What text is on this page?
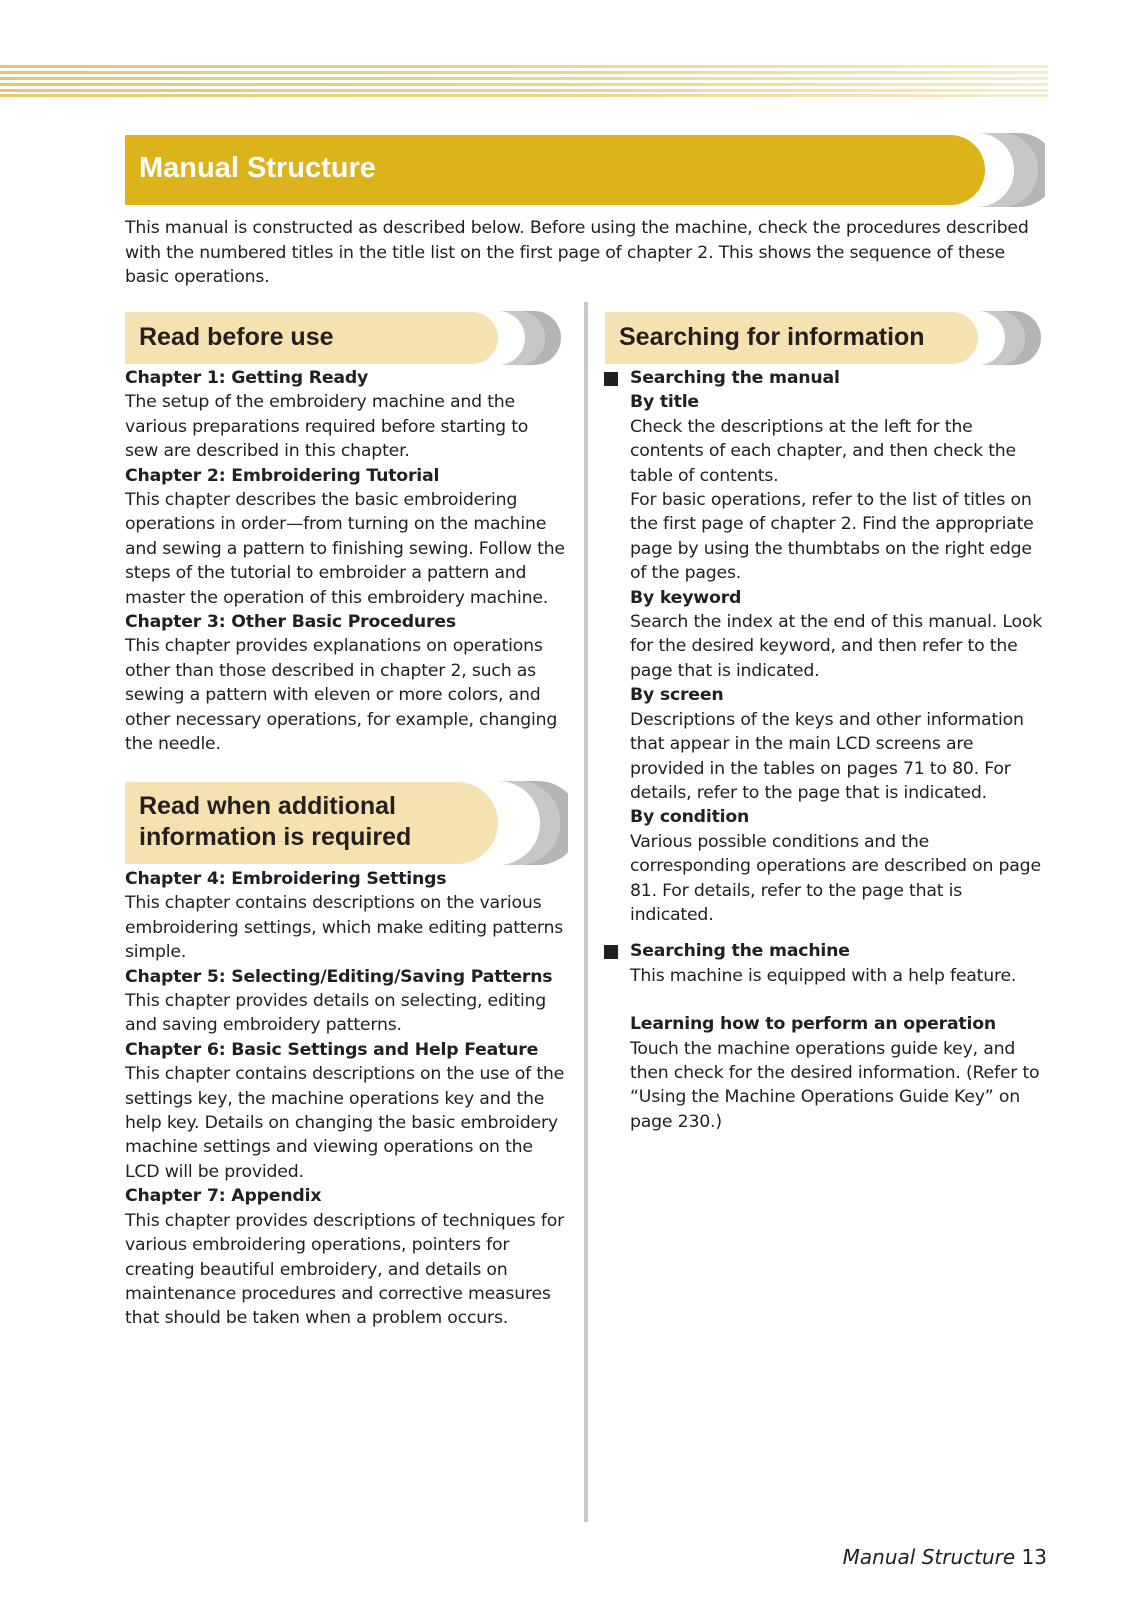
Manual Structure

This manual is constructed as described below. Before using the machine, check the procedures described with the numbered titles in the title list on the first page of chapter 2. This shows the sequence of these basic operations.

Read before use

Chapter 1: Getting Ready

The setup of the embroidery machine and the various preparations required before starting to sew are described in this chapter.

Chapter 2: Embroidering Tutorial

This chapter describes the basic embroidering operations in order—from turning on the machine and sewing a pattern to finishing sewing. Follow the steps of the tutorial to embroider a pattern and master the operation of this embroidery machine.

Chapter 3: Other Basic Procedures

This chapter provides explanations on operations other than those described in chapter 2, such as sewing a pattern with eleven or more colors, and other necessary operations, for example, changing the needle.

Read when additional
information is required

Chapter 4: Embroidering Settings

This chapter contains descriptions on the various embroidering settings, which make editing patterns simple.

Chapter 5: Selecting/Editing/Saving Patterns

This chapter provides details on selecting, editing and saving embroidery patterns.

Chapter 6: Basic Settings and Help Feature

This chapter contains descriptions on the use of the settings key, the machine operations key and the help key. Details on changing the basic embroidery machine settings and viewing operations on the LCD will be provided.

Chapter 7: Appendix

This chapter provides descriptions of techniques for various embroidering operations, pointers for creating beautiful embroidery, and details on maintenance procedures and corrective measures that should be taken when a problem occurs.

Searching for information

Searching the manual

By title

Check the descriptions at the left for the contents of each chapter, and then check the table of contents.

For basic operations, refer to the list of titles on the first page of chapter 2. Find the appropriate page by using the thumbtabs on the right edge of the pages.

By keyword

Search the index at the end of this manual. Look for the desired keyword, and then refer to the page that is indicated.

By screen

Descriptions of the keys and other information that appear in the main LCD screens are provided in the tables on pages 71 to 80. For details, refer to the page that is indicated.

By condition

Various possible conditions and the corresponding operations are described on page 81. For details, refer to the page that is indicated.

Searching the machine

This machine is equipped with a help feature.

Learning how to perform an operation

Touch the machine operations guide key, and then check for the desired information. (Refer to “Using the Machine Operations Guide Key” on page 230.)

Manual Structure 13
